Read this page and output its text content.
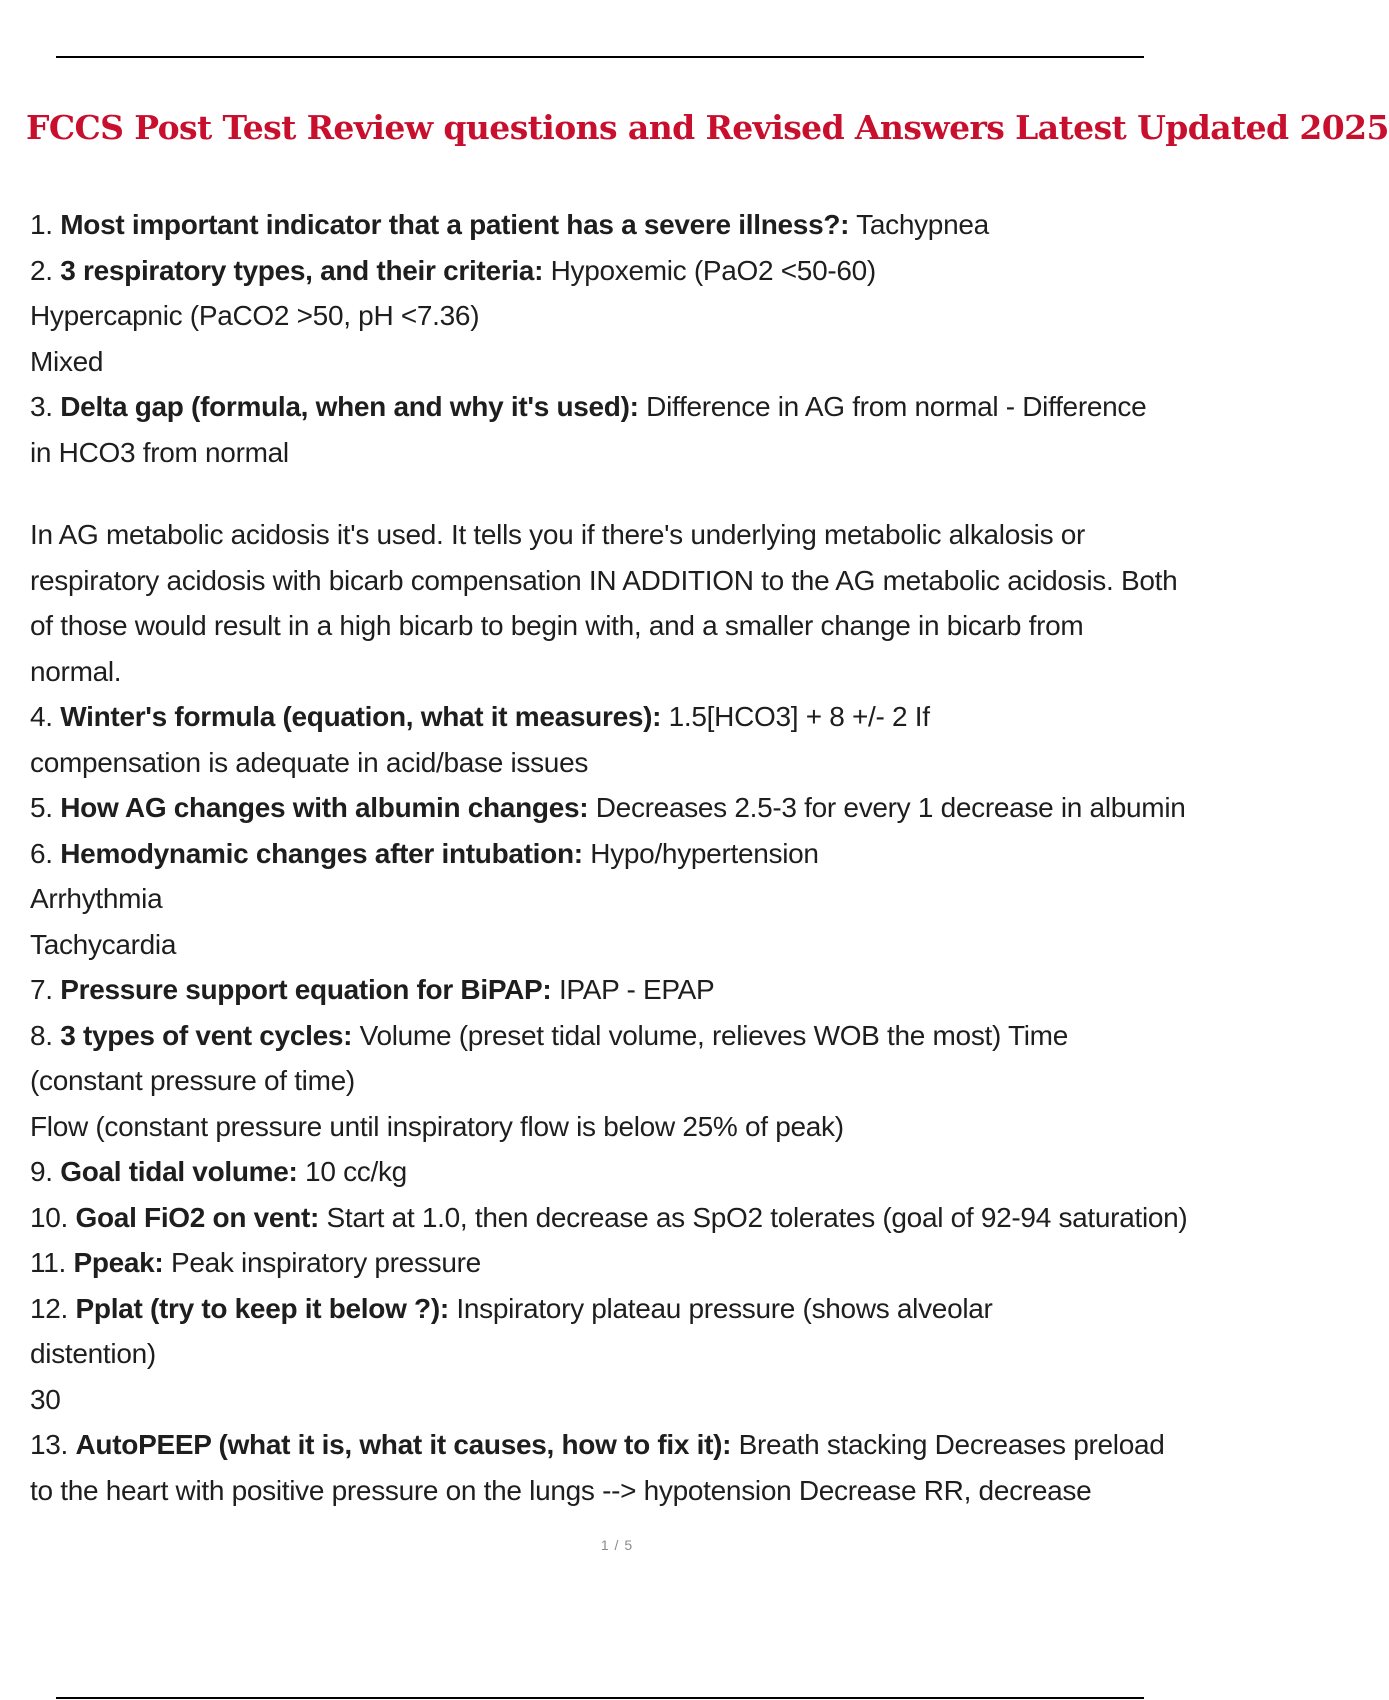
FCCS Post Test Review questions and Revised Answers Latest Updated 2025
1. Most important indicator that a patient has a severe illness?: Tachypnea
2. 3 respiratory types, and their criteria: Hypoxemic (PaO2 <50-60)
Hypercapnic (PaCO2 >50, pH <7.36)
Mixed
3. Delta gap (formula, when and why it's used): Difference in AG from normal - Difference
in HCO3 from normal
In AG metabolic acidosis it's used. It tells you if there's underlying metabolic alkalosis or
respiratory acidosis with bicarb compensation IN ADDITION to the AG metabolic acidosis. Both
of those would result in a high bicarb to begin with, and a smaller change in bicarb from
normal.
4. Winter's formula (equation, what it measures): 1.5[HCO3] + 8 +/- 2 If
compensation is adequate in acid/base issues
5. How AG changes with albumin changes: Decreases 2.5-3 for every 1 decrease in albumin
6. Hemodynamic changes after intubation: Hypo/hypertension
Arrhythmia
Tachycardia
7. Pressure support equation for BiPAP: IPAP - EPAP
8. 3 types of vent cycles: Volume (preset tidal volume, relieves WOB the most) Time
(constant pressure of time)
Flow (constant pressure until inspiratory flow is below 25% of peak)
9. Goal tidal volume: 10 cc/kg
10. Goal FiO2 on vent: Start at 1.0, then decrease as SpO2 tolerates (goal of 92-94 saturation)
11. Ppeak: Peak inspiratory pressure
12. Pplat (try to keep it below ?): Inspiratory plateau pressure (shows alveolar
distention)
30
13. AutoPEEP (what it is, what it causes, how to fix it): Breath stacking Decreases preload
to the heart with positive pressure on the lungs --> hypotension Decrease RR, decrease
1 / 5
